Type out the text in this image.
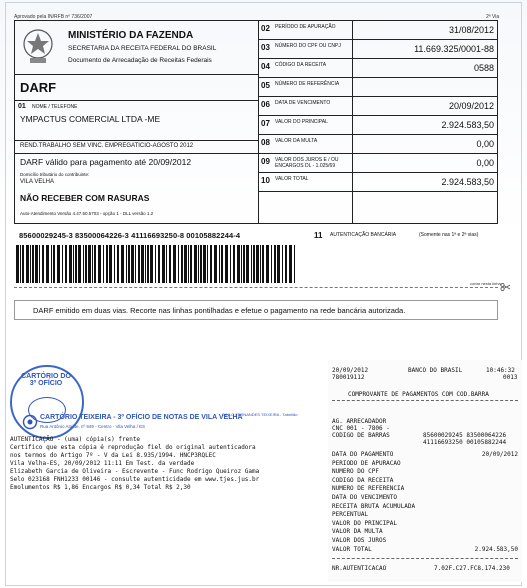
Aprovado pela IN/RFB nº 736/2007	2ª Via
MINISTÉRIO DA FAZENDA
SECRETARIA DA RECEITA FEDERAL DO BRASIL
Documento de Arrecadação de Receitas Federais
DARF
01 NOME / TELEFONE
YMPACTUS COMERCIAL LTDA -ME
REND.TRABALHO SEM VINC. EMPREGATICIO-AGOSTO 2012
DARF válido para pagamento até 20/09/2012
Domicílio tributário do contribuinte:
VILA VELHA
NÃO RECEBER COM RASURAS
Auto-Atendimento Versão 4.47.50.5703 - opção 1 - DLL versão 1.2
02 PERÍODO DE APURAÇÃO	31/08/2012
03 NÚMERO DO CPF OU CNPJ	11.669.325/0001-88
04 CÓDIGO DA RECEITA	0588
05 NÚMERO DE REFERÊNCIA
06 DATA DE VENCIMENTO	20/09/2012
07 VALOR DO PRINCIPAL	2.924.583,50
08 VALOR DA MULTA	0,00
09 VALOR DOS JUROS E / OU ENCARGOS DL - 1.025/69	0,00
10 VALOR TOTAL	2.924.583,50
85600029245-3 83500064226-3 41116693250-8 00105882244-4	11 AUTENTICAÇÃO BANCÁRIA	(Somente nas 1ª e 2ª vias)
cortar nesta linha
DARF emitido em duas vias. Recorte nas linhas pontilhadas e efetue o pagamento na rede bancária autorizada.
CARTÓRIO DO 3º OFÍCIO
CARTÓRIO TEIXEIRA - 3º OFÍCIO DE NOTAS DE VILA VELHA
DINLO FERNANDES TEIXEIRA - Tabelião
Rua Antônio Ataíde, nº 949 - Centro - Vila Velha / ES
AUTENTICAÇÃO - (uma) cópia(s) frente
Certifico que esta cópia é reprodução fiel do original autenticadora
nos termos do Artigo 7º - V da Lei 8.935/1994. HNCP3RQLEC
Vila Velha-ES, 20/09/2012 11:11 Em Test. da verdade
Elizabeth Garcia de Oliveira - Escrevente - Func Rodrigo Queiroz Gama
Selo 023168 FNH1233 00146 - consulte autenticidade em www.tjes.jus.br
Emolumentos R$ 1,86 Encargos R$ 0,34 Total R$ 2,30
20/09/2012	BANCO DO BRASIL	10:46:32
780019112	0013
COMPROVANTE DE PAGAMENTOS COM COD.BARRA
AG. ARRECADADOR
CNC 001 - 7806 -
CODIGO DE BARRAS	85600029245 83500064226
41116693250 00105882244
DATA DO PAGAMENTO	20/09/2012
PERIODO DE APURACAO
NUMERO DO CPF
CODIGO DA RECEITA
NUMERO DE REFERENCIA
DATA DO VENCIMENTO
RECEITA BRUTA ACUMULADA
PERCENTUAL
VALOR DO PRINCIPAL
VALOR DA MULTA
VALOR DOS JUROS
VALOR TOTAL	2.924.583,50
NR.AUTENTICACAO	7.02F.C27.FC8.174.230
